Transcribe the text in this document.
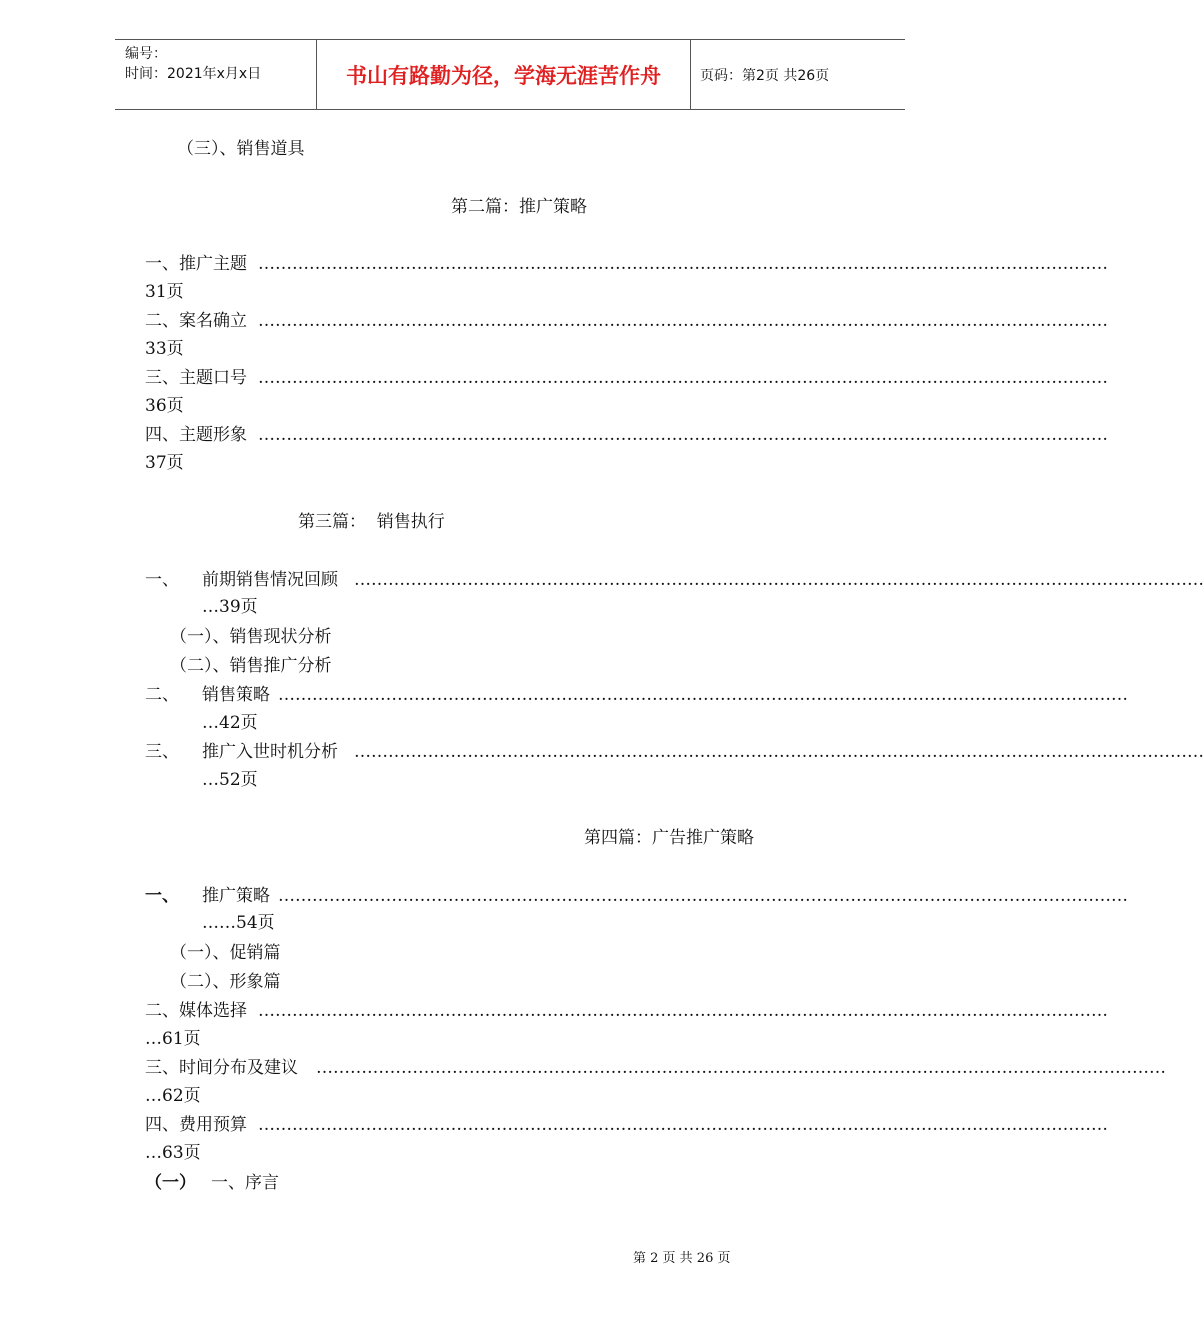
编号：
时间：2021年x月x日	书山有路勤为径，学海无涯苦作舟	页码：第2页 共26页
（三）、销售道具
第二篇：推广策略
一、推广主题 ……………………………………………………………………………………………………………………………………
31页
二、案名确立 ……………………………………………………………………………………………………………………………………
33页
三、主题口号 ……………………………………………………………………………………………………………………………………
36页
四、主题形象 ……………………………………………………………………………………………………………………………………
37页
第三篇：  销售执行
一、 前期销售情况回顾 ……………………………………………………………………………………………………………………………………
…39页
（一）、销售现状分析
（二）、销售推广分析
二、 销售策略 ……………………………………………………………………………………………………………………………………
…42页
三、 推广入世时机分析 ……………………………………………………………………………………………………………………………………
…52页
第四篇：广告推广策略
一、 推广策略 ……………………………………………………………………………………………………………………………………
……54页
（一）、促销篇
（二）、形象篇
二、媒体选择 ……………………………………………………………………………………………………………………………………
…61页
三、时间分布及建议 ……………………………………………………………………………………………………………………………………
…62页
四、费用预算 ……………………………………………………………………………………………………………………………………
…63页
（一） 一、序言
第 2 页 共 26 页
